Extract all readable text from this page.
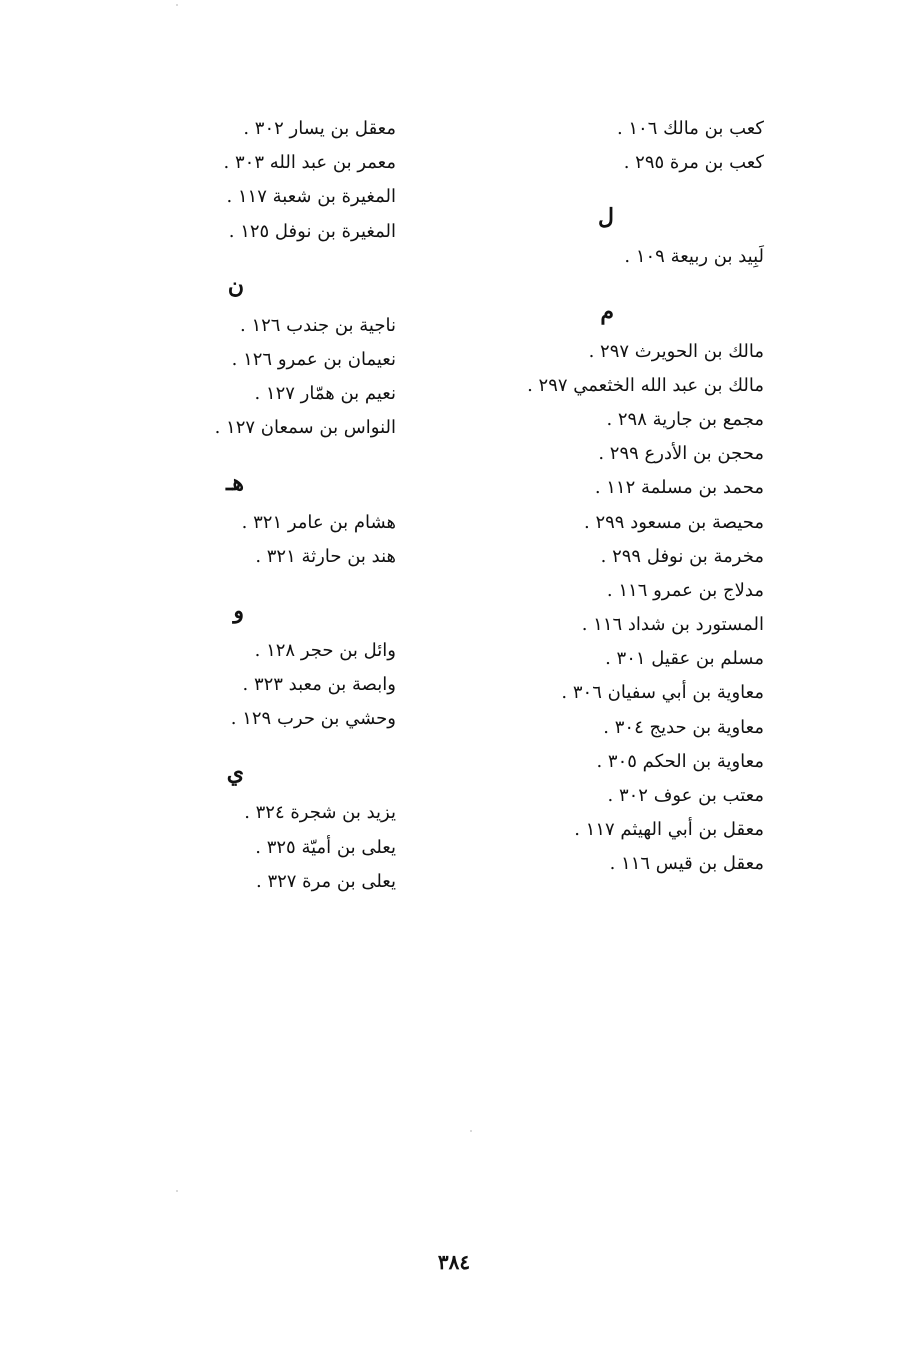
كعب بن مالك ١٠٦ .
كعب بن مرة ٢٩٥ .
ل
لَبِيد بن ربيعة ١٠٩ .
م
مالك بن الحويرث ٢٩٧ .
مالك بن عبد الله الخثعمي ٢٩٧ .
مجمع بن جارية ٢٩٨ .
محجن بن الأدرع ٢٩٩ .
محمد بن مسلمة ١١٢ .
محيصة بن مسعود ٢٩٩ .
مخرمة بن نوفل ٢٩٩ .
مدلاج بن عمرو ١١٦ .
المستورد بن شداد ١١٦ .
مسلم بن عقيل ٣٠١ .
معاوية بن أبي سفيان ٣٠٦ .
معاوية بن حديج ٣٠٤ .
معاوية بن الحكم ٣٠٥ .
معتب بن عوف ٣٠٢ .
معقل بن أبي الهيثم ١١٧ .
معقل بن قيس ١١٦ .
معقل بن يسار ٣٠٢ .
معمر بن عبد الله ٣٠٣ .
المغيرة بن شعبة ١١٧ .
المغيرة بن نوفل ١٢٥ .
ن
ناجية بن جندب ١٢٦ .
نعيمان بن عمرو ١٢٦ .
نعيم بن همّار ١٢٧ .
النواس بن سمعان ١٢٧ .
هـ
هشام بن عامر ٣٢١ .
هند بن حارثة ٣٢١ .
و
وائل بن حجر ١٢٨ .
وابصة بن معبد ٣٢٣ .
وحشي بن حرب ١٢٩ .
ي
يزيد بن شجرة ٣٢٤ .
يعلى بن أميّة ٣٢٥ .
يعلى بن مرة ٣٢٧ .
٣٨٤
